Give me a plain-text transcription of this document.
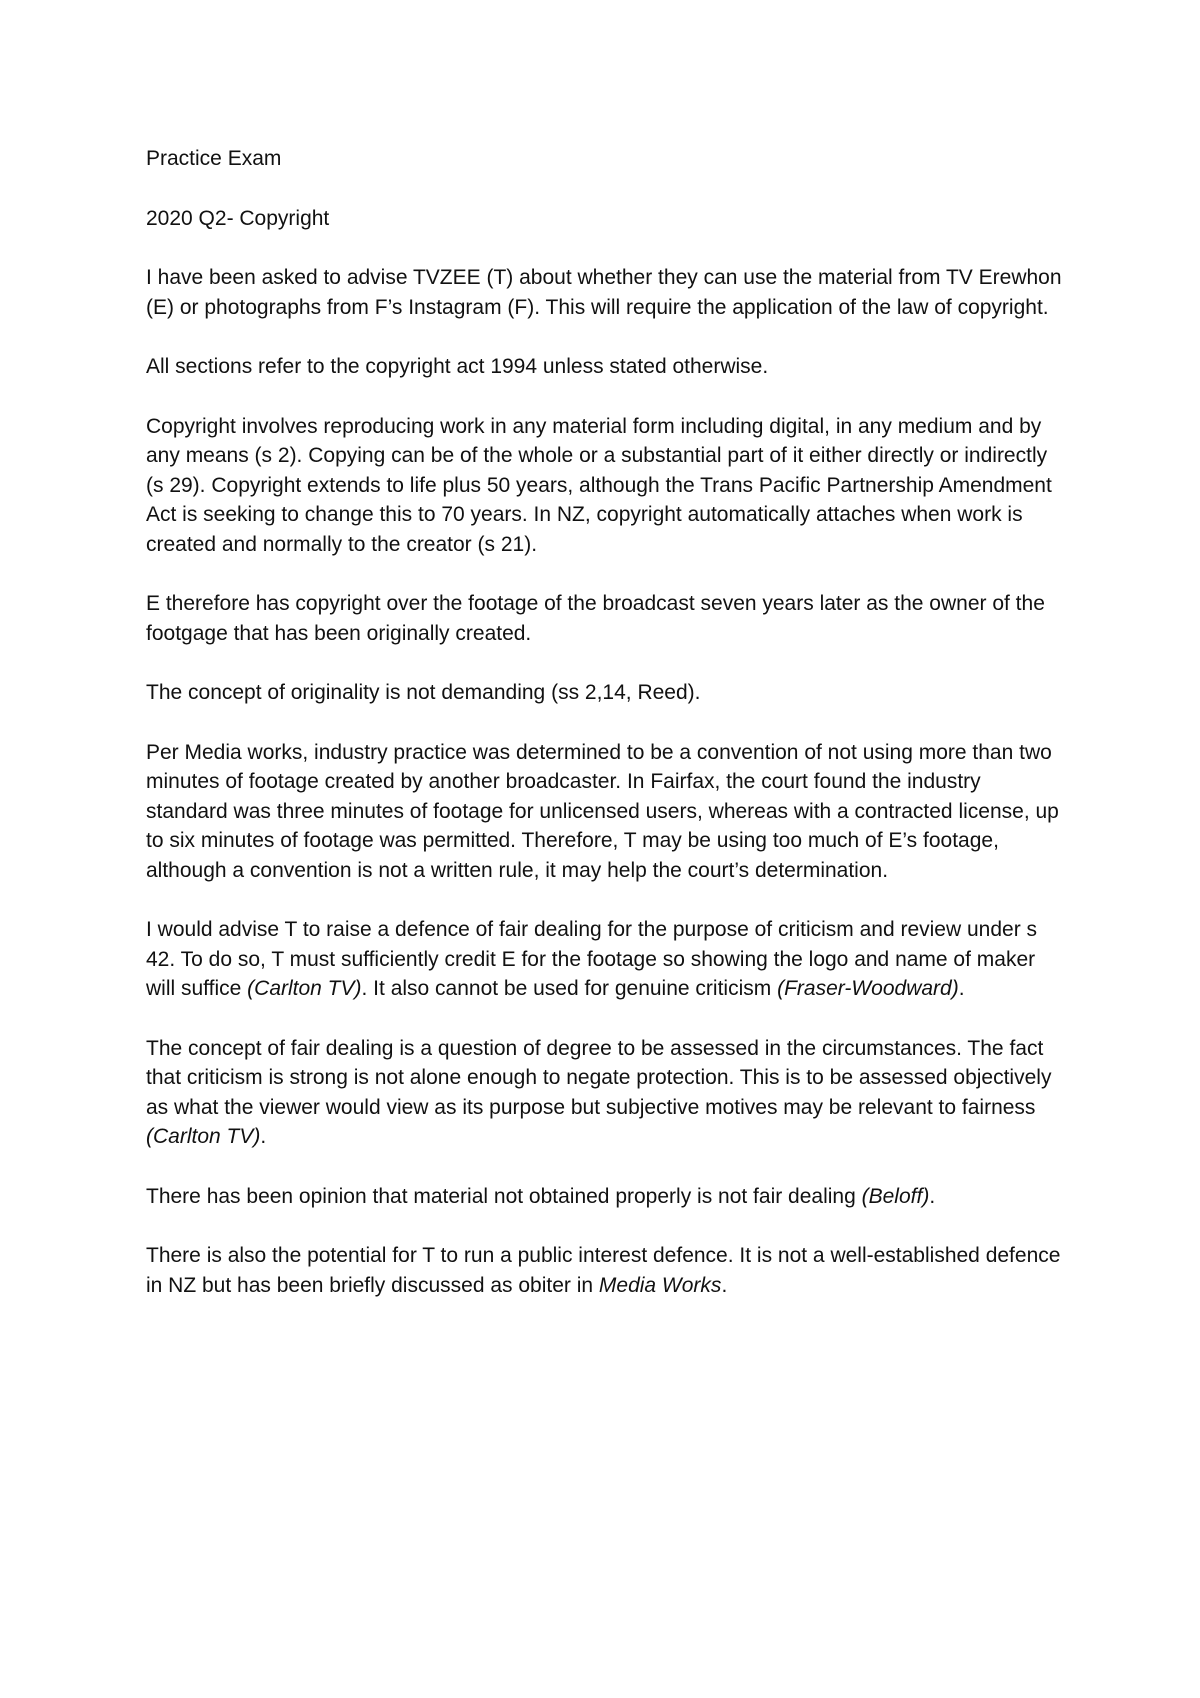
Practice Exam

2020 Q2- Copyright

I have been asked to advise TVZEE (T) about whether they can use the material from TV Erewhon (E) or photographs from F’s Instagram (F). This will require the application of the law of copyright.

All sections refer to the copyright act 1994 unless stated otherwise.

Copyright involves reproducing work in any material form including digital, in any medium and by any means (s 2). Copying can be of the whole or a substantial part of it either directly or indirectly (s 29). Copyright extends to life plus 50 years, although the Trans Pacific Partnership Amendment Act is seeking to change this to 70 years. In NZ, copyright automatically attaches when work is created and normally to the creator (s 21).

E therefore has copyright over the footage of the broadcast seven years later as the owner of the footgage that has been originally created.

The concept of originality is not demanding (ss 2,14, Reed).

Per Media works, industry practice was determined to be a convention of not using more than two minutes of footage created by another broadcaster. In Fairfax, the court found the industry standard was three minutes of footage for unlicensed users, whereas with a contracted license, up to six minutes of footage was permitted. Therefore, T may be using too much of E’s footage, although a convention is not a written rule, it may help the court’s determination.

I would advise T to raise a defence of fair dealing for the purpose of criticism and review under s 42. To do so, T must sufficiently credit E for the footage so showing the logo and name of maker will suffice (Carlton TV). It also cannot be used for genuine criticism (Fraser-Woodward).

The concept of fair dealing is a question of degree to be assessed in the circumstances. The fact that criticism is strong is not alone enough to negate protection. This is to be assessed objectively as what the viewer would view as its purpose but subjective motives may be relevant to fairness (Carlton TV).

There has been opinion that material not obtained properly is not fair dealing (Beloff).

There is also the potential for T to run a public interest defence. It is not a well-established defence in NZ but has been briefly discussed as obiter in Media Works.
